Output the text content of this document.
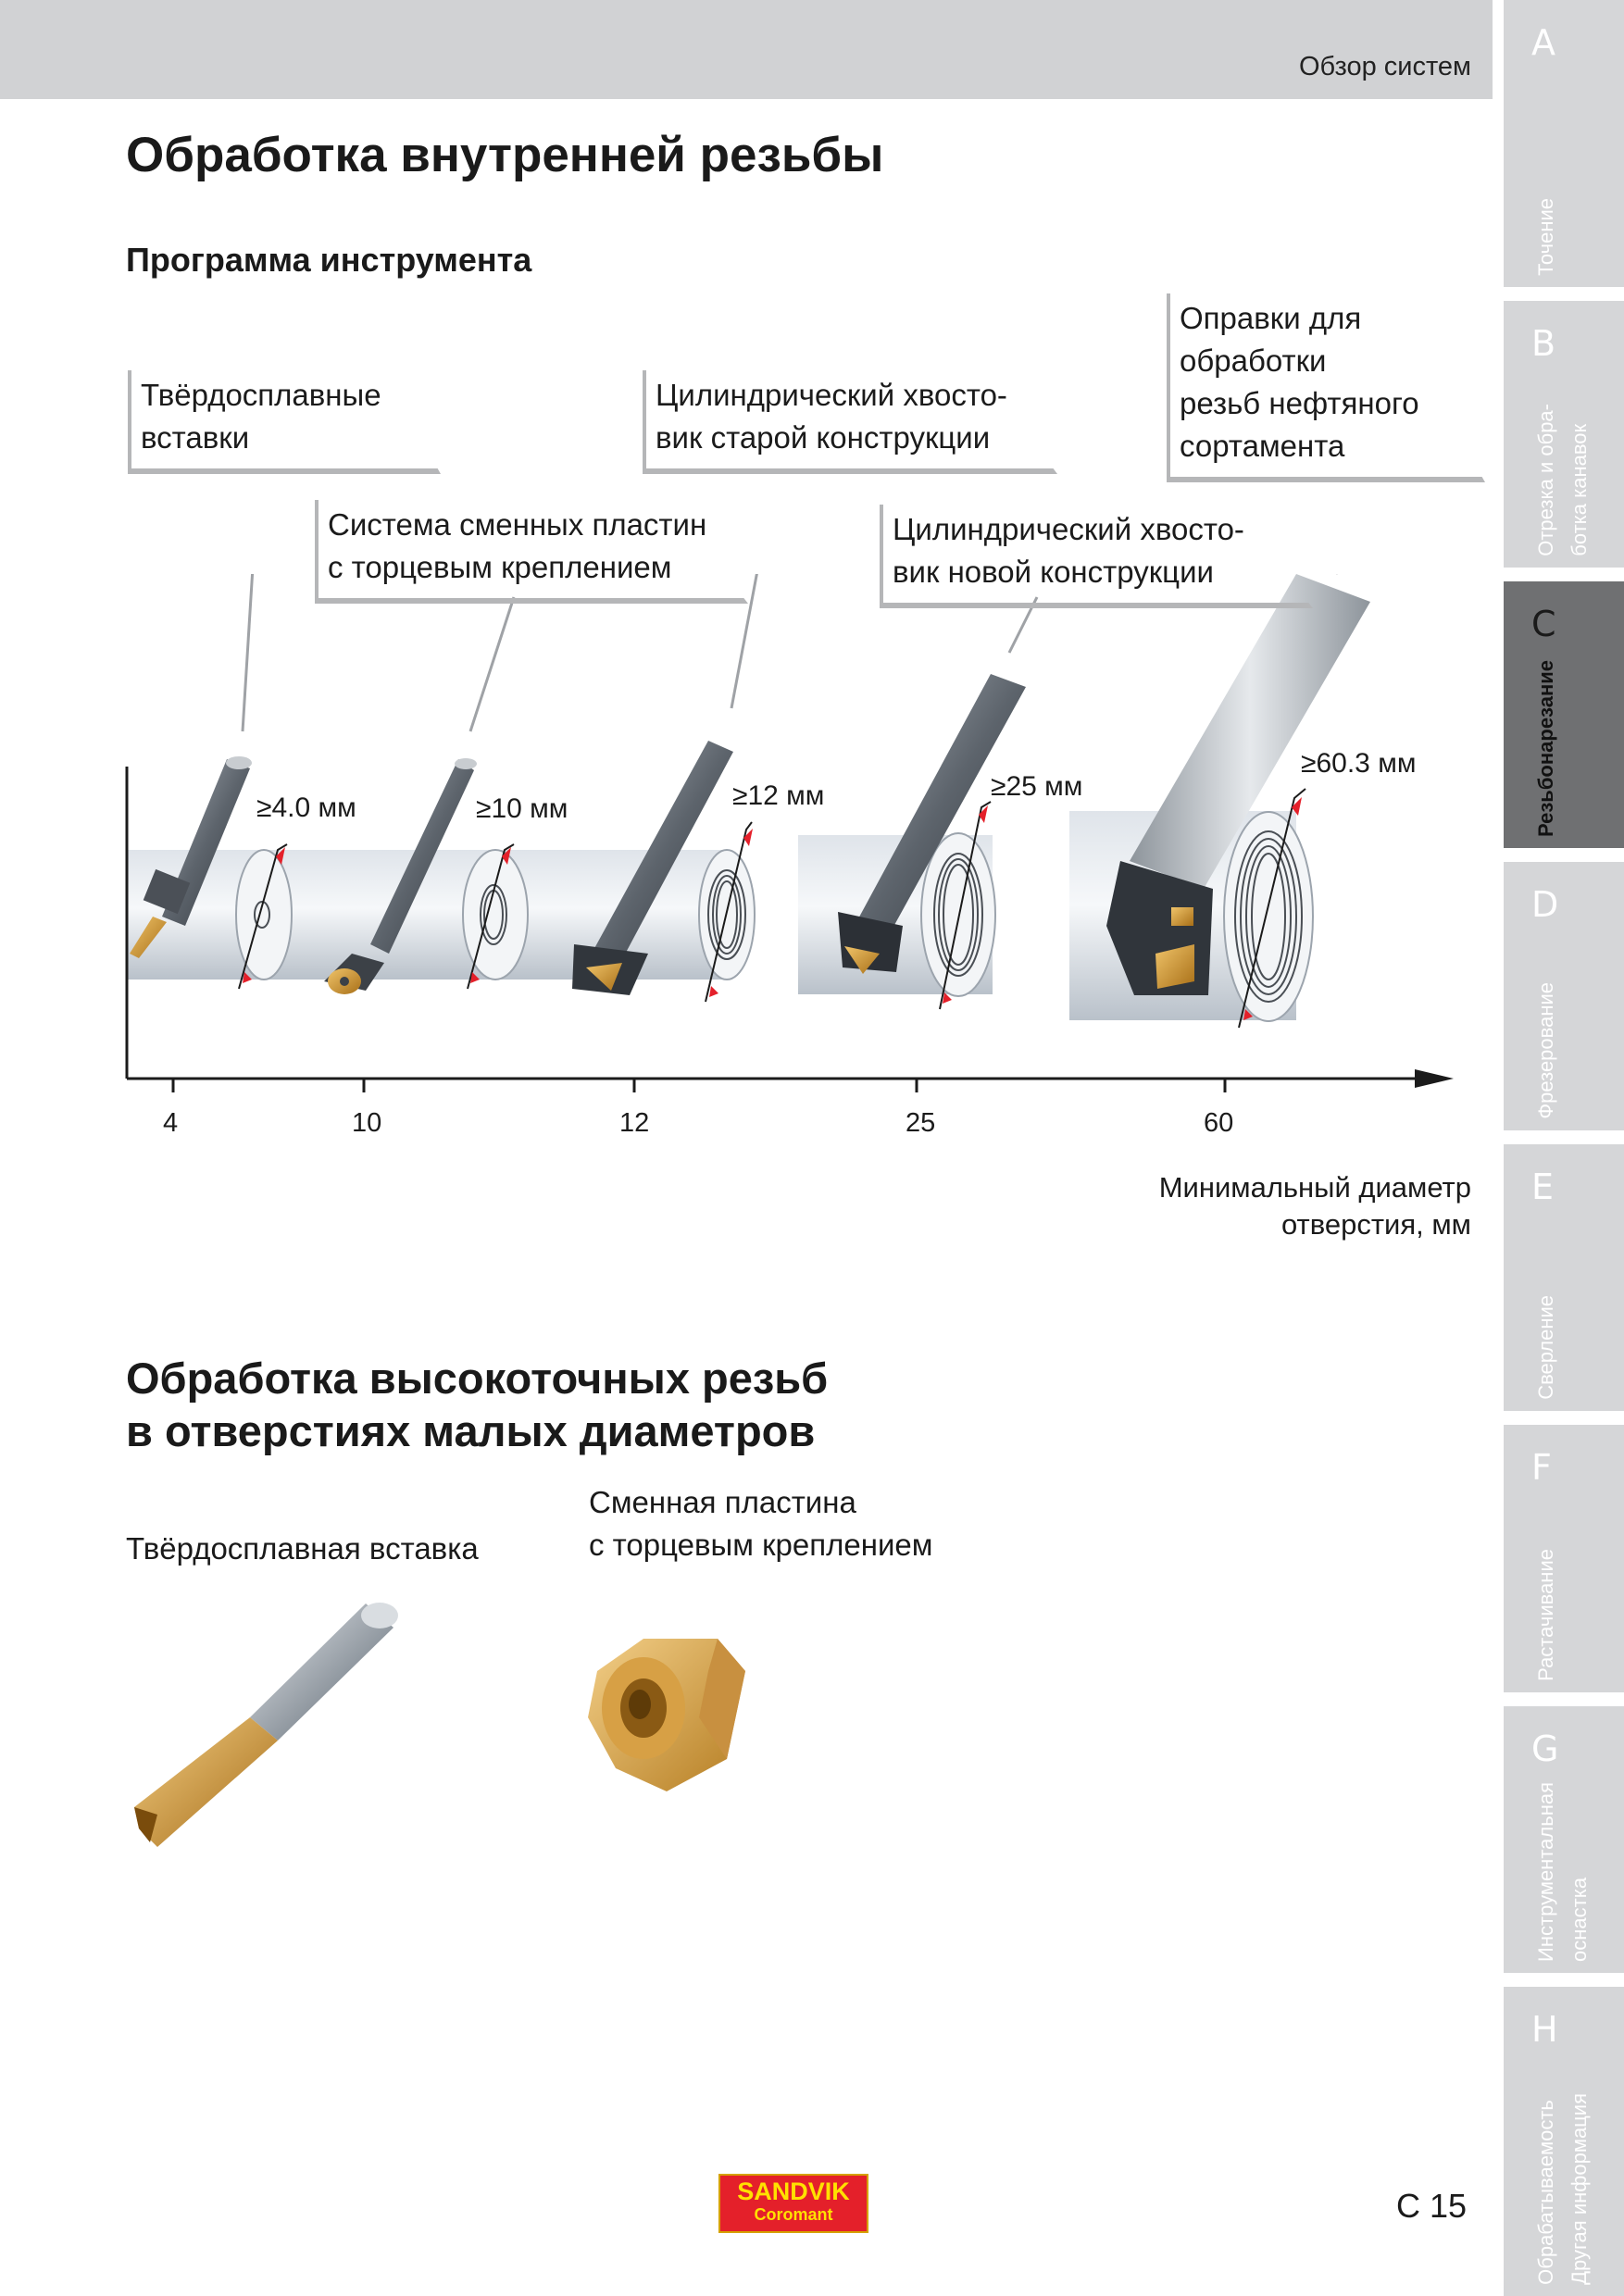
Обзор систем
A
Точение
B
Отрезка и обра-
ботка канавок
C
Резьбонарезание
D
Фрезерование
E
Сверление
F
Растачивание
G
Инструментальная
оснастка
H
Обрабатываемость
Другая информация
Обработка внутренней резьбы
Программа инструмента
Твёрдосплавные
вставки
Система сменных пластин
с торцевым креплением
Цилиндрический хвосто-
вик старой конструкции
Цилиндрический хвосто-
вик новой конструкции
Оправки для
обработки
резьб нефтяного
сортамента
≥4.0 мм	≥10 мм	≥12 мм	≥25 мм
≥60.3 мм
4	10	12	25	60
Минимальный диаметр
отверстия, мм
Обработка высокоточных резьб
в отверстиях малых диаметров
Твёрдосплавная вставка
Сменная пластина
с торцевым креплением
SANDVIK
Coromant	C 15
